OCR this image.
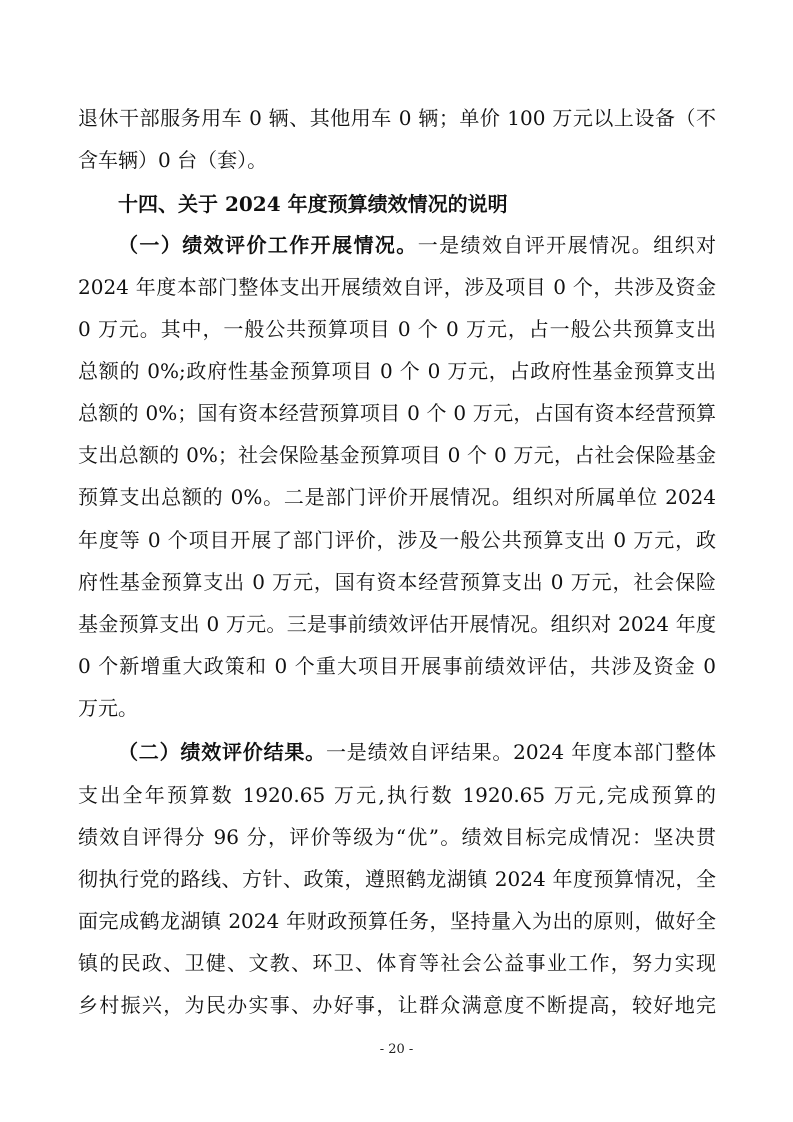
退休干部服务用车 0 辆、其他用车 0 辆；单价 100 万元以上设备（不
含车辆）0 台（套）。
十四、关于 2024 年度预算绩效情况的说明
（一）绩效评价工作开展情况。一是绩效自评开展情况。组织对
2024 年度本部门整体支出开展绩效自评，涉及项目 0 个，共涉及资金
0 万元。其中，一般公共预算项目 0 个 0 万元，占一般公共预算支出
总额的 0%;政府性基金预算项目 0 个 0 万元，占政府性基金预算支出
总额的 0%；国有资本经营预算项目 0 个 0 万元，占国有资本经营预算
支出总额的 0%；社会保险基金预算项目 0 个 0 万元，占社会保险基金
预算支出总额的 0%。二是部门评价开展情况。组织对所属单位 2024
年度等 0 个项目开展了部门评价，涉及一般公共预算支出 0 万元，政
府性基金预算支出 0 万元，国有资本经营预算支出 0 万元，社会保险
基金预算支出 0 万元。三是事前绩效评估开展情况。组织对 2024 年度
0 个新增重大政策和 0 个重大项目开展事前绩效评估，共涉及资金 0
万元。
（二）绩效评价结果。一是绩效自评结果。2024 年度本部门整体
支出全年预算数 1920.65 万元,执行数 1920.65 万元,完成预算的
绩效自评得分 96 分，评价等级为“优”。绩效目标完成情况：坚决贯
彻执行党的路线、方针、政策，遵照鹤龙湖镇 2024 年度预算情况，全
面完成鹤龙湖镇 2024 年财政预算任务，坚持量入为出的原则，做好全
镇的民政、卫健、文教、环卫、体育等社会公益事业工作，努力实现
乡村振兴，为民办实事、办好事，让群众满意度不断提高，较好地完
- 20 -
